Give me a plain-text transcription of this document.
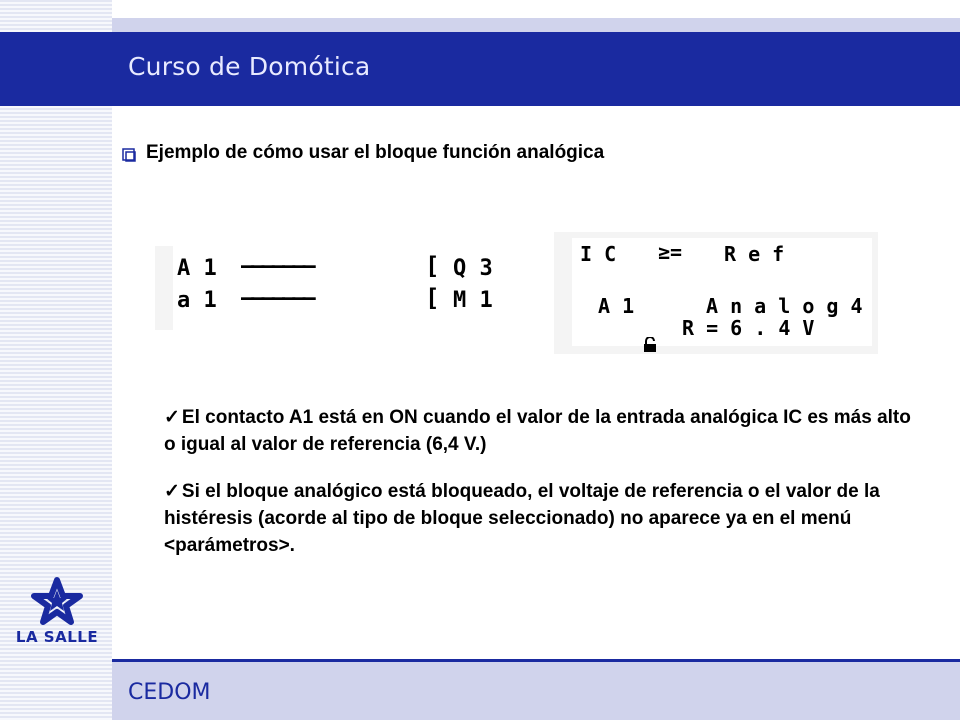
Curso de Domótica
Ejemplo de cómo usar el bloque función analógica
A 1 ———————	[ Q 3
a 1 ———————	[ M 1
I C ≥= R e f
A 1	A n a l o g 4

R = 6 . 4 V
✓ El contacto A1 está en ON cuando el valor de la entrada analógica IC es más alto o igual al valor de referencia (6,4 V.)
✓ Si el bloque analógico está bloqueado, el voltaje de referencia o el valor de la histéresis (acorde al tipo de bloque seleccionado) no aparece ya en el menú <parámetros>.
LA SALLE
CEDOM
